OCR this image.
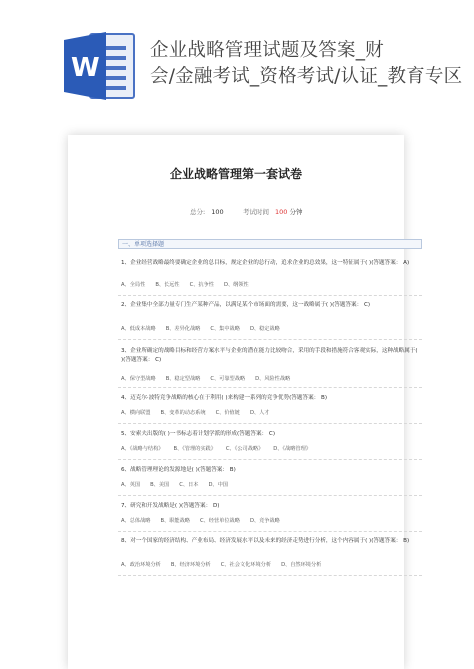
W
企业战略管理试题及答案_财
会/金融考试_资格考试/认证_教育专区
企业战略管理第一套试卷
总分: 100	考试时间 100 分钟
一、单项选择题
1、企业经营战略最终要确定企业的总目标，规定企业的总行动，追求企业的总效果，这一特征属于( )(答题答案： A)
A、全局性 B、长远性 C、抗争性 D、纲领性
2、企业集中全部力量专门生产某种产品，以满足某个市场面的需要，这一战略属于( )(答题答案： C)
A、低成本战略 B、差异化战略 C、集中战略 D、稳定战略
3、企业所确定的战略目标和经营方案水平与企业的潜在能力比较吻合，采用的手段和措施符合客观实际，这种战略属于( )(答题答案： C)
A、保守型战略 B、稳定型战略 C、可靠型战略 D、风险性战略
4、迈克尔·波特竞争战略的核心在于利用( )来构建一系列的竞争优势(答题答案： B)
A、横向联盟 B、变革的动态系统 C、价值链 D、人才
5、安索夫出版的( )一书标志着计划学派的形成(答题答案： C)
A、《战略与结构》 B、《管理的实践》 C、《公司战略》 D、《战略管理》
6、战略管理理论的发源地是( )(答题答案： B)
A、英国 B、美国 C、日本 D、中国
7、研究和开发战略是( )(答题答案： D)
A、总体战略 B、职能战略 C、经营单位战略 D、竞争战略
8、对一个国家的经济结构、产业布局、经济发展水平以及未来的经济走势进行分析，这个内容属于( )(答题答案： B)
A、政治环境分析 B、经济环境分析 C、社会文化环境分析 D、自然环境分析
